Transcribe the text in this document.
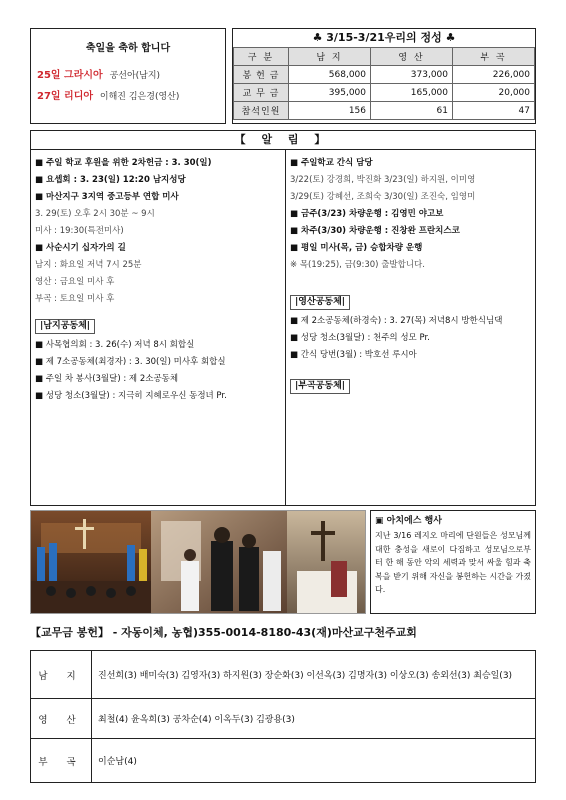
축일을 축하 합니다
25일 그라시아 공선아(남지)
27일 리디아 이해진 김은경(영산)
♣ 3/15-3/21우리의 정성 ♣
구 분	남 지	영 산	부 곡
봉 헌 금	568,000	373,000	226,000
교 무 금	395,000	165,000	20,000
참석인원	156	61	47
【 알 림 】
■ 주일 학교 후원을 위한 2차헌금 : 3. 30(일)
■ 요셉회 : 3. 23(일) 12:20 남지성당
■ 마산지구 3지역 중고등부 연합 미사
3. 29(토) 오후 2시 30분 ~ 9시
미사 : 19:30(특전미사)
■ 사순시기 십자가의 길
남지 : 화요일 저녁 7시 25분
영산 : 금요일 미사 후
부곡 : 토요일 미사 후
|남지공동체|
■ 사목협의회 : 3. 26(수) 저녁 8시 회합실
■ 제 7소공동체(최경자) : 3. 30(일) 미사후 회합실
■ 주일 차 봉사(3월달) : 제 2소공동체
■ 성당 청소(3월달) : 지극히 지혜로우신 동정녀 Pr.
■ 주일학교 간식 담당
3/22(토) 강경희, 박진화 3/23(일) 하지원, 이미영
3/29(토) 강혜선, 조희숙 3/30(일) 조진숙, 임영미
■ 금주(3/23) 차량운행 : 김영민 야고보
■ 차주(3/30) 차량운행 : 진창완 프란치스코
■ 평일 미사(목, 금) 승합차량 운행
※ 목(19:25), 금(9:30) 출발합니다.
|영산공동체|
■ 제 2소공동체(하경숙) : 3. 27(목) 저녁8시 방한식님댁
■ 성당 청소(3월달) : 천주의 성모 Pr.
■ 간식 당번(3월) : 박호선 루시아
|부곡공동체|
▣ 아치에스 행사
지난 3/16 레지오 마리에 단원들은 성모님께 대한 충성을 새로이 다짐하고 성모님으로부터 한 해 동안 악의 세력과 맞서 싸울 힘과 축복을 받기 위해 자신을 봉헌하는 시간을 가졌다.
【교무금 봉헌】 - 자동이체, 농협)355-0014-8180-43(재)마산교구천주교회
남 지	진선희(3) 배미숙(3) 김영자(3) 하지원(3) 장순화(3) 이선옥(3) 김명자(3) 이상오(3) 송외선(3) 최승일(3)
영 산	최철(4) 윤옥희(3) 공차순(4) 이옥두(3) 김광용(3)
부 곡	이순남(4)
